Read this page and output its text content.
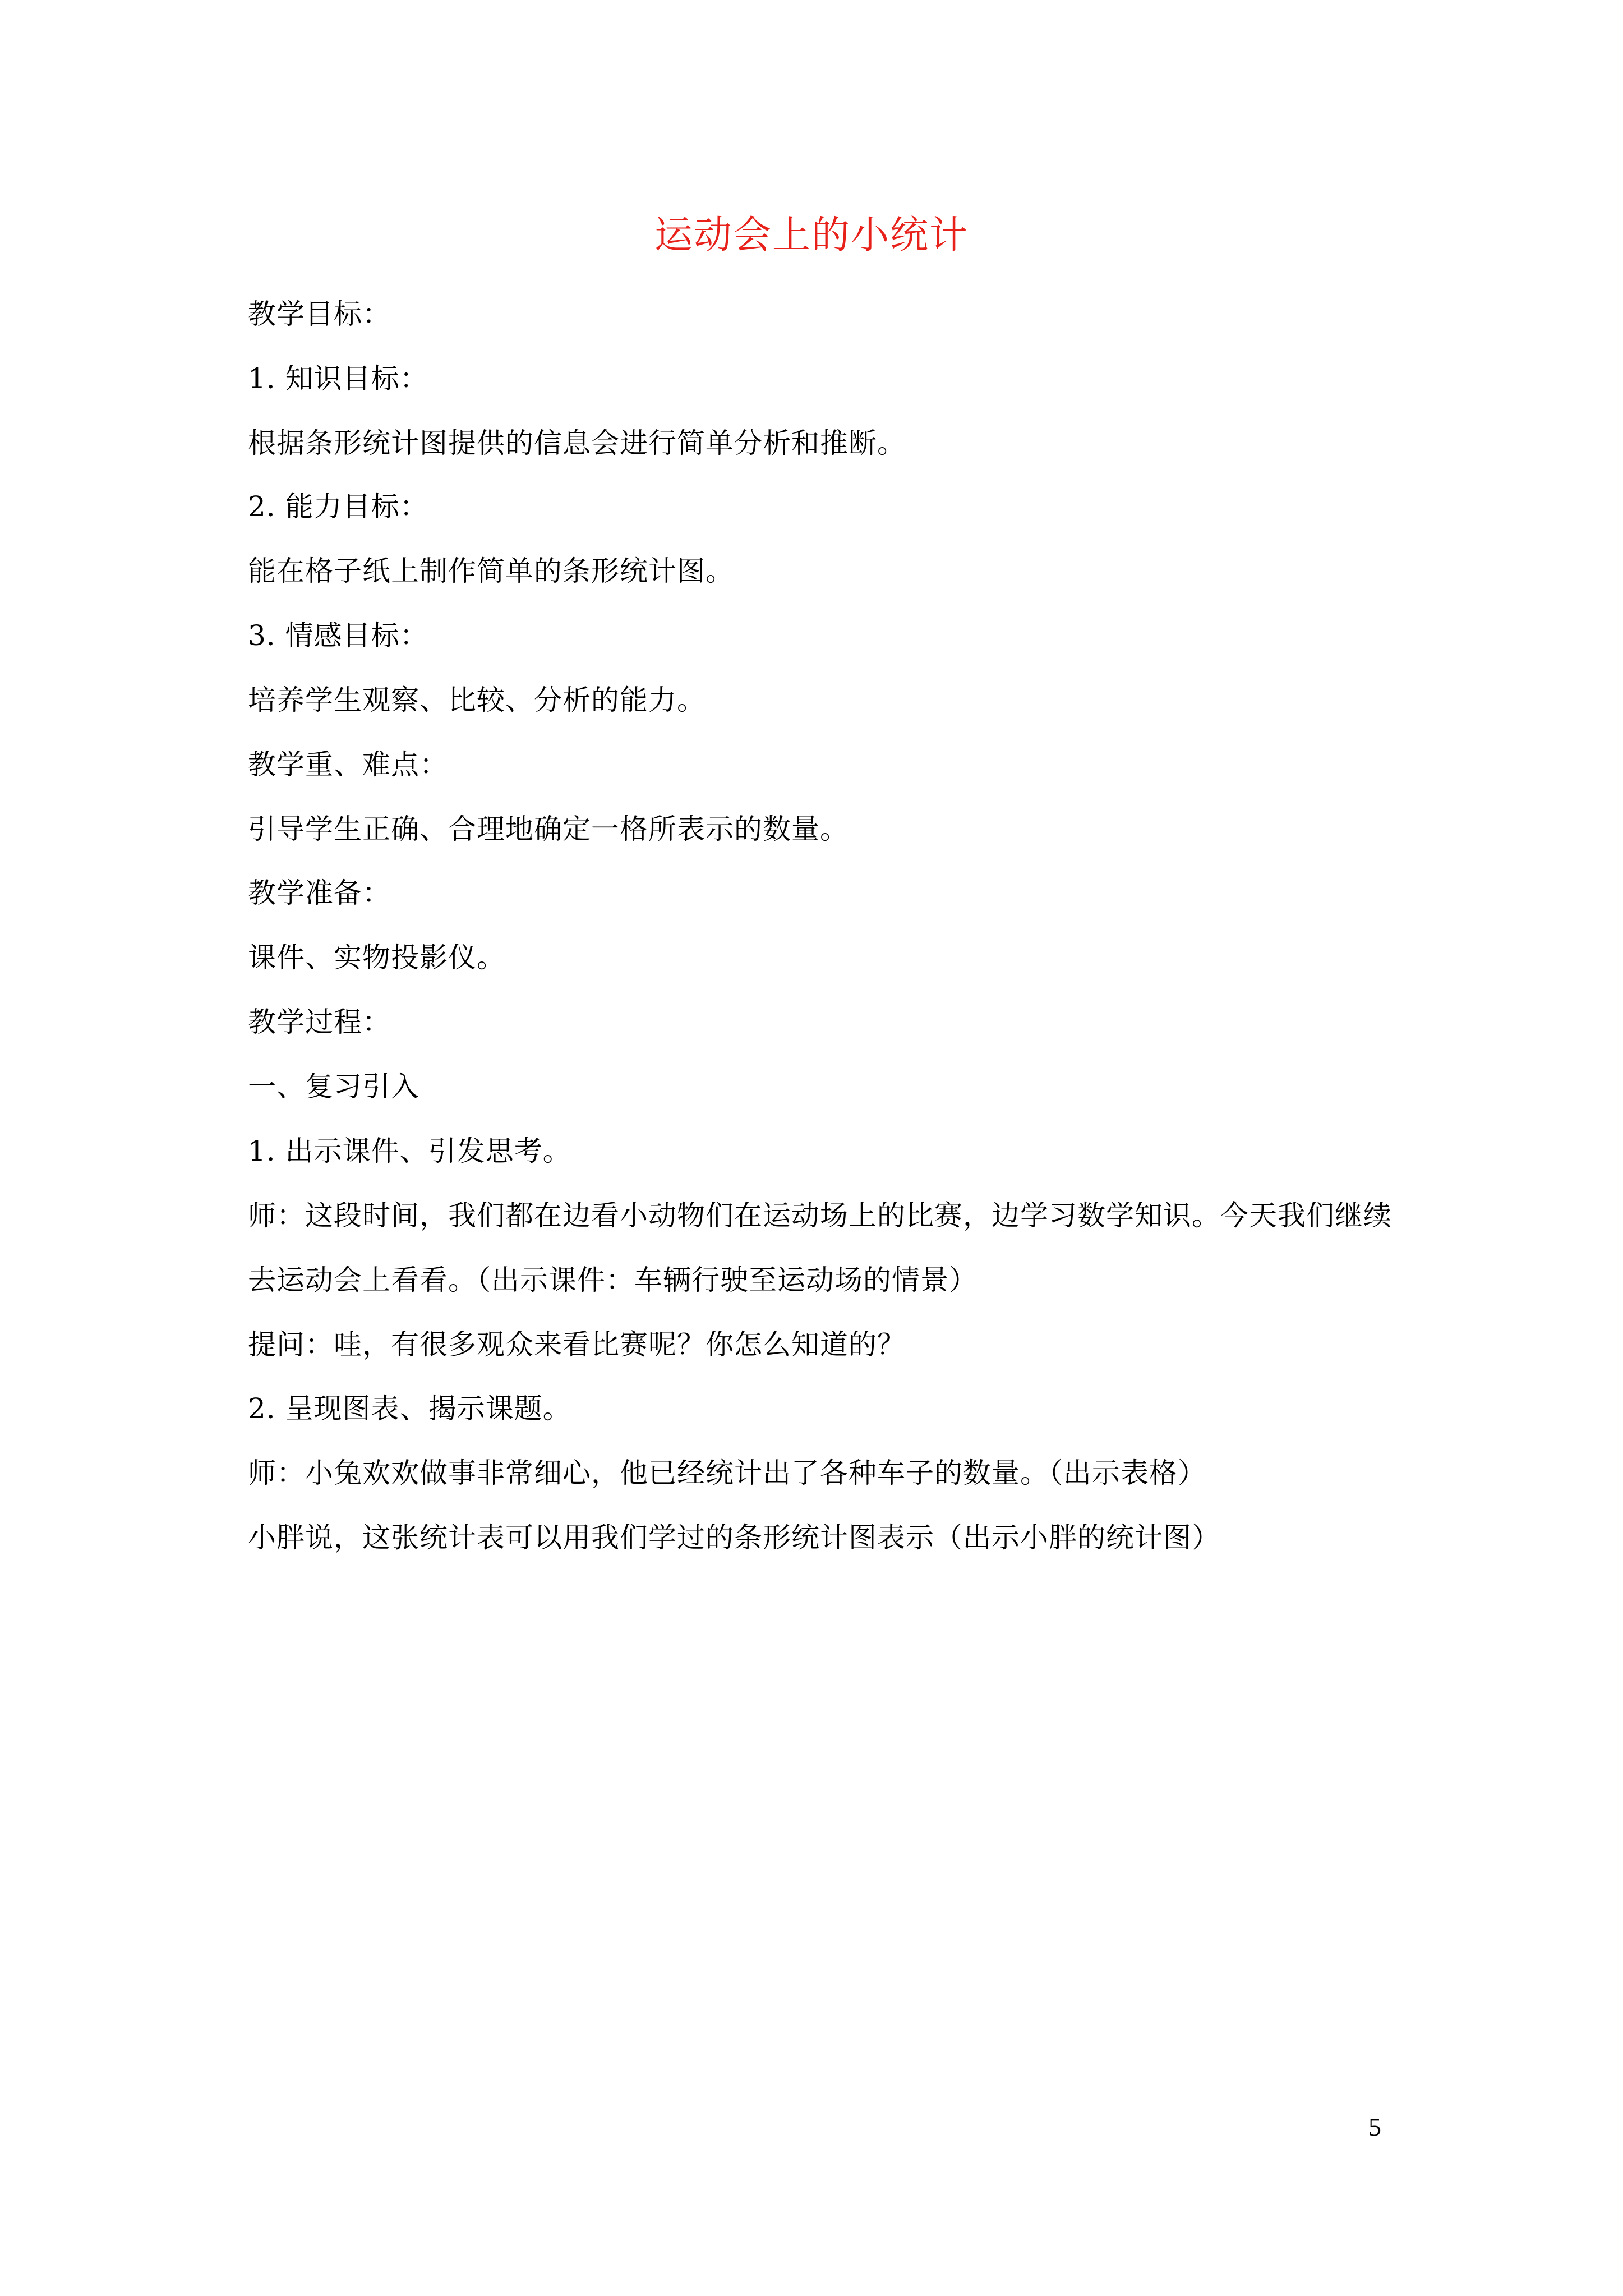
运动会上的小统计
教学目标：
1. 知识目标：
根据条形统计图提供的信息会进行简单分析和推断。
2. 能力目标：
能在格子纸上制作简单的条形统计图。
3. 情感目标：
培养学生观察、比较、分析的能力。
教学重、难点：
引导学生正确、合理地确定一格所表示的数量。
教学准备：
课件、实物投影仪。
教学过程：
一、复习引入
1. 出示课件、引发思考。
师：这段时间，我们都在边看小动物们在运动场上的比赛，边学习数学知识。今天我们继续
去运动会上看看。（出示课件：车辆行驶至运动场的情景）
提问：哇，有很多观众来看比赛呢？你怎么知道的？
2. 呈现图表、揭示课题。
师：小兔欢欢做事非常细心，他已经统计出了各种车子的数量。（出示表格）
小胖说，这张统计表可以用我们学过的条形统计图表示（出示小胖的统计图）
5
